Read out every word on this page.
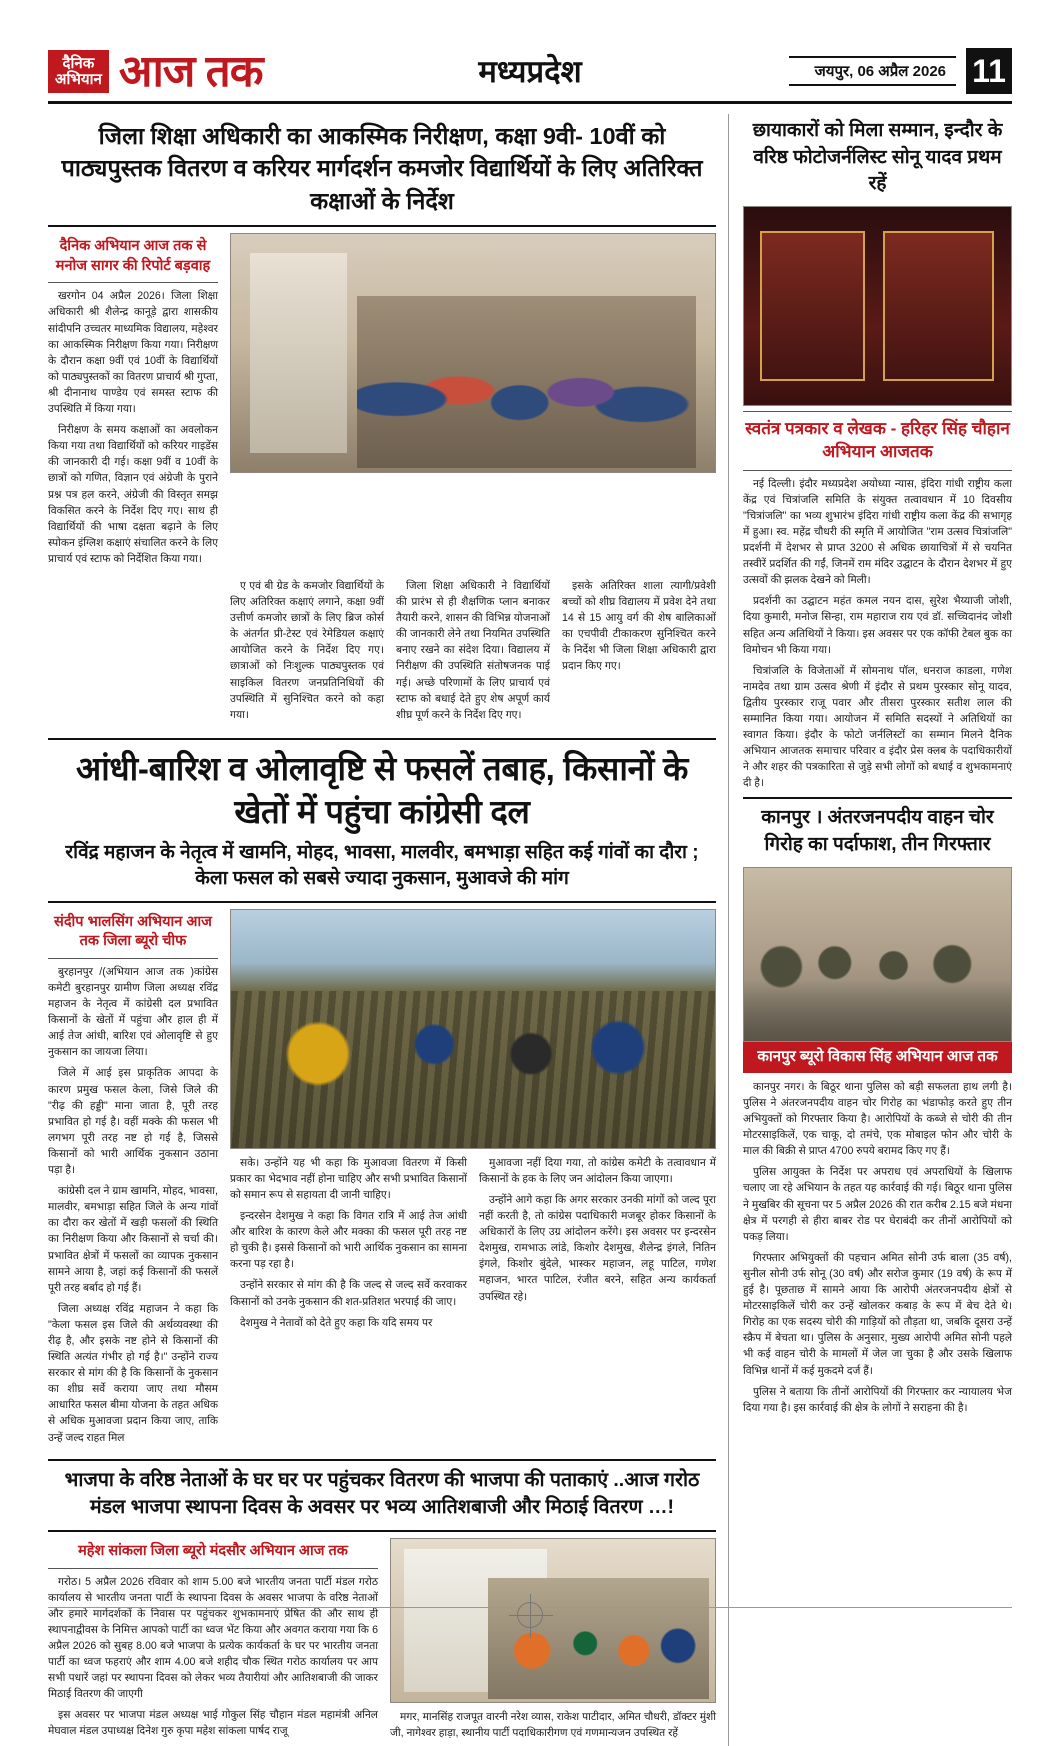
दैनिक
अभियान आज तक	मध्यप्रदेश	जयपुर, 06 अप्रैल 2026 11
जिला शिक्षा अधिकारी का आकस्मिक निरीक्षण, कक्षा 9वी- 10वीं को पाठ्यपुस्तक वितरण व करियर मार्गदर्शन कमजोर विद्यार्थियों के लिए अतिरिक्त कक्षाओं के निर्देश
दैनिक अभियान आज तक से मनोज सागर की रिपोर्ट बड़वाह

खरगोन 04 अप्रैल 2026। जिला शिक्षा अधिकारी श्री शैलेन्द्र कानूड़े द्वारा शासकीय सांदीपनि उच्चतर माध्यमिक विद्यालय, महेश्वर का आकस्मिक निरीक्षण किया गया। निरीक्षण के दौरान कक्षा 9वीं एवं 10वीं के विद्यार्थियों को पाठ्यपुस्तकों का वितरण प्राचार्य श्री गुप्ता, श्री दीनानाथ पाण्डेय एवं समस्त स्टाफ की उपस्थिति में किया गया।

निरीक्षण के समय कक्षाओं का अवलोकन किया गया तथा विद्यार्थियों को करियर गाइडेंस की जानकारी दी गई। कक्षा 9वीं व 10वीं के छात्रों को गणित, विज्ञान एवं अंग्रेजी के पुराने प्रश्न पत्र हल करने, अंग्रेजी की विस्तृत समझ विकसित करने के निर्देश दिए गए। साथ ही विद्यार्थियों की भाषा दक्षता बढ़ाने के लिए स्पोकन इंग्लिश कक्षाएं संचालित करने के लिए प्राचार्य एवं स्टाफ को निर्देशित किया गया।

ए एवं बी ग्रेड के कमजोर विद्यार्थियों के लिए अतिरिक्त कक्षाएं लगाने, कक्षा 9वीं उत्तीर्ण कमजोर छात्रों के लिए ब्रिज कोर्स के अंतर्गत प्री-टेस्ट एवं रेमेडियल कक्षाएं आयोजित करने के निर्देश दिए गए। छात्राओं को निःशुल्क पाठ्यपुस्तक एवं साइकिल वितरण जनप्रतिनिधियों की उपस्थिति में सुनिश्चित करने को कहा गया।

जिला शिक्षा अधिकारी ने विद्यार्थियों की प्रारंभ से ही शैक्षणिक प्लान बनाकर तैयारी करने, शासन की विभिन्न योजनाओं की जानकारी लेने तथा नियमित उपस्थिति बनाए रखने का संदेश दिया। विद्यालय में निरीक्षण की उपस्थिति संतोषजनक पाई गई। अच्छे परिणामों के लिए प्राचार्य एवं स्टाफ को बधाई देते हुए शेष अपूर्ण कार्य शीघ्र पूर्ण करने के निर्देश दिए गए।

इसके अतिरिक्त शाला त्यागी/प्रवेशी बच्चों को शीघ्र विद्यालय में प्रवेश देने तथा 14 से 15 आयु वर्ग की शेष बालिकाओं का एचपीवी टीकाकरण सुनिश्चित करने के निर्देश भी जिला शिक्षा अधिकारी द्वारा प्रदान किए गए।

आंधी-बारिश व ओलावृष्टि से फसलें तबाह, किसानों के खेतों में पहुंचा कांग्रेसी दल
रविंद्र महाजन के नेतृत्व में खामनि, मोहद, भावसा, मालवीर, बमभाड़ा सहित कई गांवों का दौरा ; केला फसल को सबसे ज्यादा नुकसान, मुआवजे की मांग
संदीप भालसिंग अभियान आज तक जिला ब्यूरो चीफ

बुरहानपुर /(अभियान आज तक )कांग्रेस कमेटी बुरहानपुर ग्रामीण जिला अध्यक्ष रविंद्र महाजन के नेतृत्व में कांग्रेसी दल प्रभावित किसानों के खेतों में पहुंचा और हाल ही में आई तेज आंधी, बारिश एवं ओलावृष्टि से हुए नुकसान का जायजा लिया।

जिले में आई इस प्राकृतिक आपदा के कारण प्रमुख फसल केला, जिसे जिले की "रीढ़ की हड्डी" माना जाता है, पूरी तरह प्रभावित हो गई है। वहीं मक्के की फसल भी लगभग पूरी तरह नष्ट हो गई है, जिससे किसानों को भारी आर्थिक नुकसान उठाना पड़ा है।

कांग्रेसी दल ने ग्राम खामनि, मोहद, भावसा, मालवीर, बमभाड़ा सहित जिले के अन्य गांवों का दौरा कर खेतों में खड़ी फसलों की स्थिति का निरीक्षण किया और किसानों से चर्चा की। प्रभावित क्षेत्रों में फसलों का व्यापक नुकसान सामने आया है, जहां कई किसानों की फसलें पूरी तरह बर्बाद हो गई हैं।

जिला अध्यक्ष रविंद्र महाजन ने कहा कि "केला फसल इस जिले की अर्थव्यवस्था की रीढ़ है, और इसके नष्ट होने से किसानों की स्थिति अत्यंत गंभीर हो गई है।" उन्होंने राज्य सरकार से मांग की है कि किसानों के नुकसान का शीघ्र सर्वे कराया जाए तथा मौसम आधारित फसल बीमा योजना के तहत अधिक से अधिक मुआवजा प्रदान किया जाए, ताकि उन्हें जल्द राहत मिल

सके। उन्होंने यह भी कहा कि मुआवजा वितरण में किसी प्रकार का भेदभाव नहीं होना चाहिए और सभी प्रभावित किसानों को समान रूप से सहायता दी जानी चाहिए।

इन्दरसेन देशमुख ने कहा कि विगत रात्रि में आई तेज आंधी और बारिश के कारण केले और मक्का की फसल पूरी तरह नष्ट हो चुकी है। इससे किसानों को भारी आर्थिक नुकसान का सामना करना पड़ रहा है।

उन्होंने सरकार से मांग की है कि जल्द से जल्द सर्वे करवाकर किसानों को उनके नुकसान की शत-प्रतिशत भरपाई की जाए।

देशमुख ने नेतावों को देते हुए कहा कि यदि समय पर

मुआवजा नहीं दिया गया, तो कांग्रेस कमेटी के तत्वावधान में किसानों के हक के लिए जन आंदोलन किया जाएगा।

उन्होंने आगे कहा कि अगर सरकार उनकी मांगों को जल्द पूरा नहीं करती है, तो कांग्रेस पदाधिकारी मजबूर होकर किसानों के अधिकारों के लिए उग्र आंदोलन करेंगे। इस अवसर पर इन्दरसेन देशमुख, रामभाऊ लांडे, किशोर देशमुख, शैलेन्द्र इंगले, नितिन इंगले, किशोर बुंदेले, भास्कर महाजन, लहू पाटिल, गणेश महाजन, भारत पाटिल, रंजीत बरने, सहित अन्य कार्यकर्ता उपस्थित रहे।

भाजपा के वरिष्ठ नेताओं के घर घर पर पहुंचकर वितरण की भाजपा की पताकाएं ..आज गरोठ मंडल भाजपा स्थापना दिवस के अवसर पर भव्य आतिशबाजी और मिठाई वितरण …!
महेश सांकला जिला ब्यूरो मंदसौर अभियान आज तक

गरोठ। 5 अप्रैल 2026 रविवार को शाम 5.00 बजे भारतीय जनता पार्टी मंडल गरोठ कार्यालय से भारतीय जनता पार्टी के स्थापना दिवस के अवसर भाजपा के वरिष्ठ नेताओं और हमारे मार्गदर्शकों के निवास पर पहुंचकर शुभकामनाएं प्रेषित की और साथ ही स्थापनाद्वीवस के निमित्त आपको पार्टी का ध्वज भेंट किया और अवगत कराया गया कि 6 अप्रैल 2026 को सुबह 8.00 बजे भाजपा के प्रत्येक कार्यकर्ता के घर पर भारतीय जनता पार्टी का ध्वज फहराएं और शाम 4.00 बजे शहीद चौक स्थित गरोठ कार्यालय पर आप सभी पधारें जहां पर स्थापना दिवस को लेकर भव्य तैयारीयां और आतिशबाजी की जाकर मिठाई वितरण की जाएगी

इस अवसर पर भाजपा मंडल अध्यक्ष भाई गोकुल सिंह चौहान मंडल महामंत्री अनिल मेघवाल मंडल उपाध्यक्ष दिनेश गुरु कृपा महेश सांकला पार्षद राजू

मगर, मानसिंह राजपूत वारनी नरेश व्यास, राकेश पाटीदार, अमित चौधरी, डॉक्टर मुंशी जी, नागेश्वर हाड़ा, स्थानीय पार्टी पदाधिकारीगण एवं गणमान्यजन उपस्थित रहें

छायाकारों को मिला सम्मान, इन्दौर के वरिष्ठ फोटोजर्नलिस्ट सोनू यादव प्रथम रहें
स्वतंत्र पत्रकार व लेखक - हरिहर सिंह चौहान अभियान आजतक

नई दिल्ली। इंदौर मध्यप्रदेश अयोध्या न्यास, इंदिरा गांधी राष्ट्रीय कला केंद्र एवं चित्रांजलि समिति के संयुक्त तत्वावधान में 10 दिवसीय "चित्रांजलि" का भव्य शुभारंभ इंदिरा गांधी राष्ट्रीय कला केंद्र की सभागृह में हुआ। स्व. महेंद्र चौधरी की स्मृति में आयोजित "राम उत्सव चित्रांजलि" प्रदर्शनी में देशभर से प्राप्त 3200 से अधिक छायाचित्रों में से चयनित तस्वीरें प्रदर्शित की गईं, जिनमें राम मंदिर उद्घाटन के दौरान देशभर में हुए उत्सवों की झलक देखने को मिली।

प्रदर्शनी का उद्घाटन महंत कमल नयन दास, सुरेश भैय्याजी जोशी, दिया कुमारी, मनोज सिन्हा, राम महाराज राय एवं डॉ. सच्चिदानंद जोशी सहित अन्य अतिथियों ने किया। इस अवसर पर एक कॉफी टेबल बुक का विमोचन भी किया गया।

चित्रांजलि के विजेताओं में सोमनाथ पॉल, धनराज काडला, गणेश नामदेव तथा ग्राम उत्सव श्रेणी में इंदौर से प्रथम पुरस्कार सोनू यादव, द्वितीय पुरस्कार राजू पवार और तीसरा पुरस्कार सतीश लाल की सम्मानित किया गया। आयोजन में समिति सदस्यों ने अतिथियों का स्वागत किया। इंदौर के फोटो जर्नलिस्टों का सम्मान मिलने दैनिक अभियान आजतक समाचार परिवार व इंदौर प्रेस क्लब के पदाधिकारीयों ने और शहर की पत्रकारिता से जुड़े सभी लोगों को बधाई व शुभकामनाएं दी है।

कानपुर । अंतरजनपदीय वाहन चोर गिरोह का पर्दाफाश, तीन गिरफ्तार
कानपुर ब्यूरो विकास सिंह अभियान आज तक

कानपुर नगर। के बिठूर थाना पुलिस को बड़ी सफलता हाथ लगी है। पुलिस ने अंतरजनपदीय वाहन चोर गिरोह का भंडाफोड़ करते हुए तीन अभियुक्तों को गिरफ्तार किया है। आरोपियों के कब्जे से चोरी की तीन मोटरसाइकिलें, एक चाकू, दो तमंचे, एक मोबाइल फोन और चोरी के माल की बिक्री से प्राप्त 4700 रुपये बरामद किए गए हैं।

पुलिस आयुक्त के निर्देश पर अपराध एवं अपराधियों के खिलाफ चलाए जा रहे अभियान के तहत यह कार्रवाई की गई। बिठूर थाना पुलिस ने मुखबिर की सूचना पर 5 अप्रैल 2026 की रात करीब 2.15 बजे मंधना क्षेत्र में परगही से हीरा बाबर रोड पर घेराबंदी कर तीनों आरोपियों को पकड़ लिया।

गिरफ्तार अभियुक्तों की पहचान अमित सोनी उर्फ बाला (35 वर्ष), सुनील सोनी उर्फ सोनू (30 वर्ष) और सरोज कुमार (19 वर्ष) के रूप में हुई है। पूछताछ में सामने आया कि आरोपी अंतरजनपदीय क्षेत्रों से मोटरसाइकिलें चोरी कर उन्हें खोलकर कबाड़ के रूप में बेच देते थे। गिरोह का एक सदस्य चोरी की गाड़ियों को तौड़ता था, जबकि दूसरा उन्हें स्क्रैप में बेचता था। पुलिस के अनुसार, मुख्य आरोपी अमित सोनी पहले भी कई वाहन चोरी के मामलों में जेल जा चुका है और उसके खिलाफ विभिन्न थानों में कई मुकदमे दर्ज हैं।

पुलिस ने बताया कि तीनों आरोपियों की गिरफ्तार कर न्यायालय भेज दिया गया है। इस कार्रवाई की क्षेत्र के लोगों ने सराहना की है।
